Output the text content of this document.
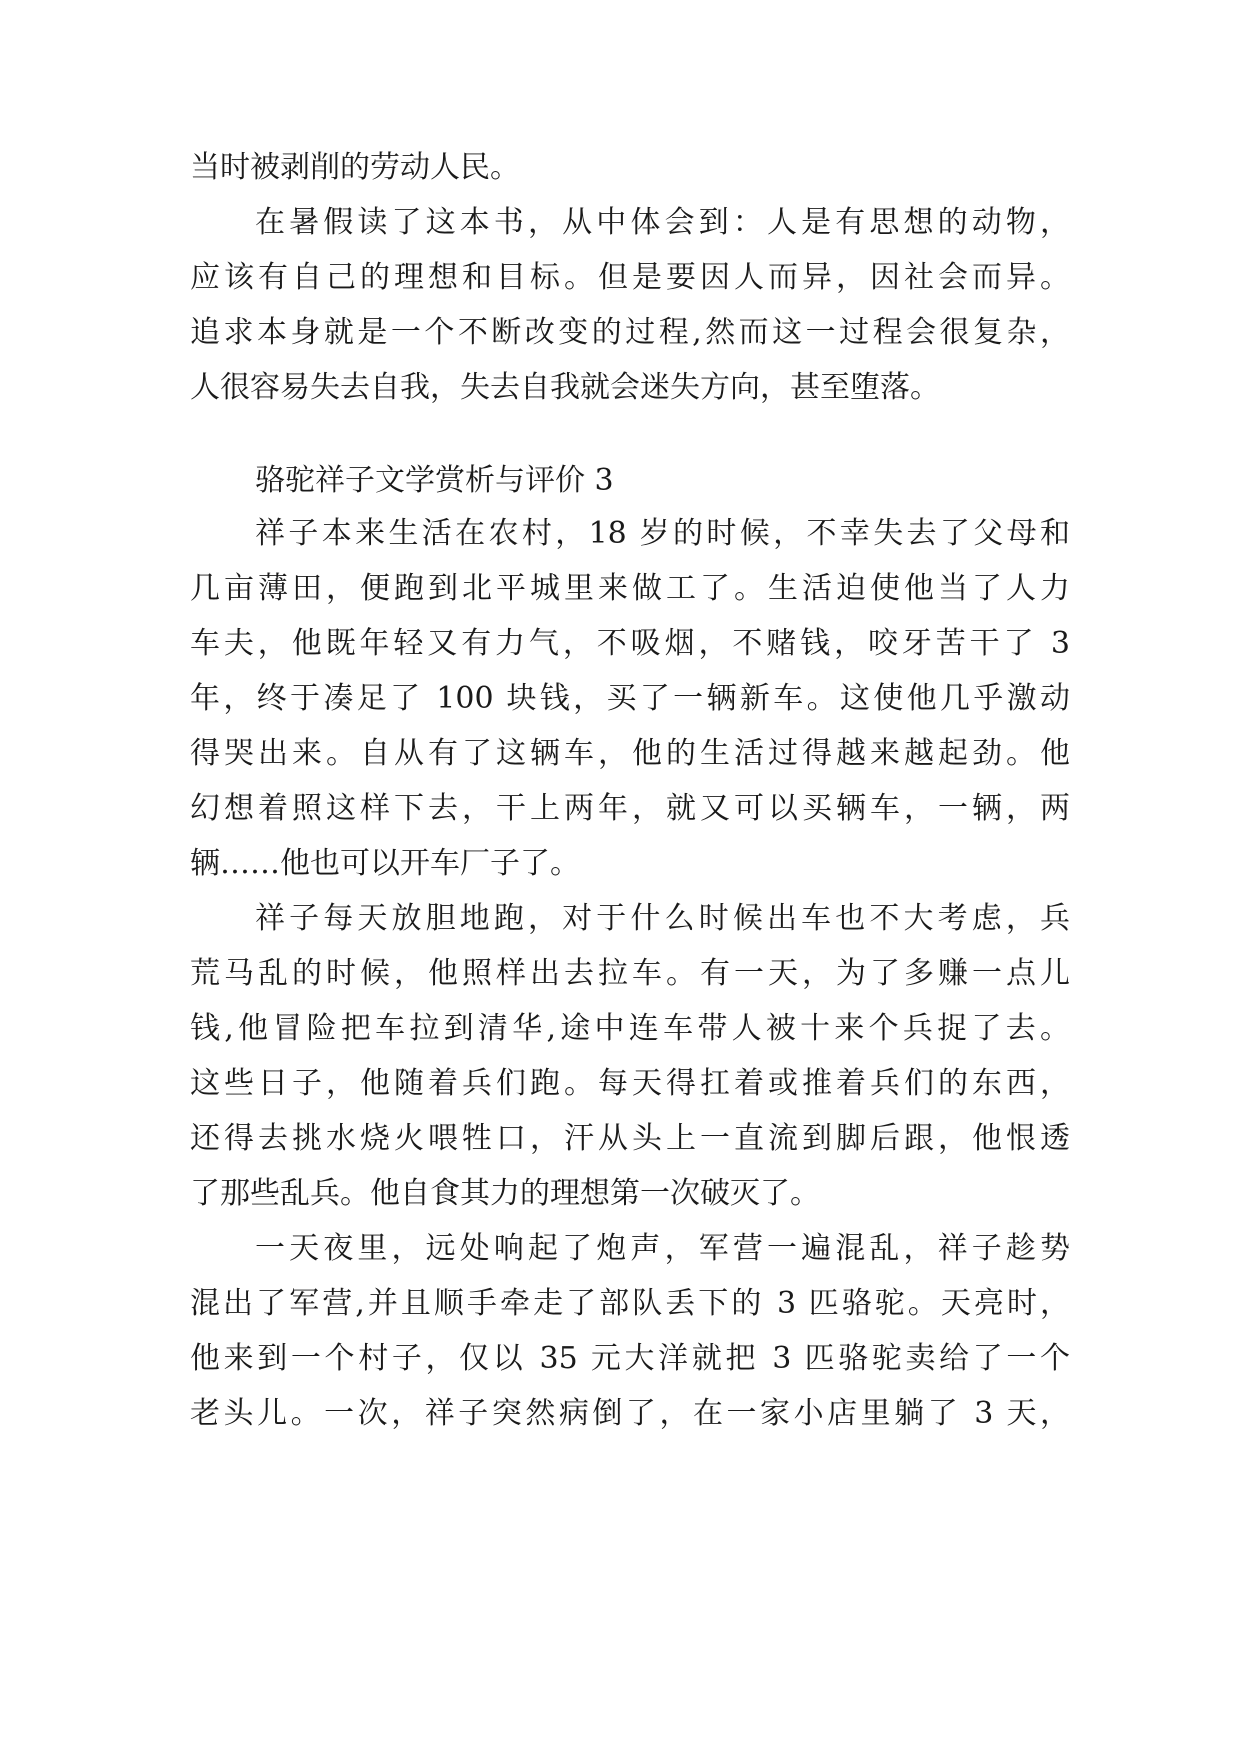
当时被剥削的劳动人民。
在暑假读了这本书，从中体会到：人是有思想的动物，
应该有自己的理想和目标。但是要因人而异，因社会而异。
追求本身就是一个不断改变的过程,然而这一过程会很复杂，
人很容易失去自我，失去自我就会迷失方向，甚至堕落。
骆驼祥子文学赏析与评价 3
祥子本来生活在农村，18 岁的时候，不幸失去了父母和
几亩薄田，便跑到北平城里来做工了。生活迫使他当了人力
车夫，他既年轻又有力气，不吸烟，不赌钱，咬牙苦干了 3
年，终于凑足了 100 块钱，买了一辆新车。这使他几乎激动
得哭出来。自从有了这辆车，他的生活过得越来越起劲。他
幻想着照这样下去，干上两年，就又可以买辆车，一辆，两
辆……他也可以开车厂子了。
祥子每天放胆地跑，对于什么时候出车也不大考虑，兵
荒马乱的时候，他照样出去拉车。有一天，为了多赚一点儿
钱,他冒险把车拉到清华,途中连车带人被十来个兵捉了去。
这些日子，他随着兵们跑。每天得扛着或推着兵们的东西，
还得去挑水烧火喂牲口，汗从头上一直流到脚后跟，他恨透
了那些乱兵。他自食其力的理想第一次破灭了。
一天夜里，远处响起了炮声，军营一遍混乱，祥子趁势
混出了军营,并且顺手牵走了部队丢下的 3 匹骆驼。天亮时，
他来到一个村子，仅以 35 元大洋就把 3 匹骆驼卖给了一个
老头儿。一次，祥子突然病倒了，在一家小店里躺了 3 天，
